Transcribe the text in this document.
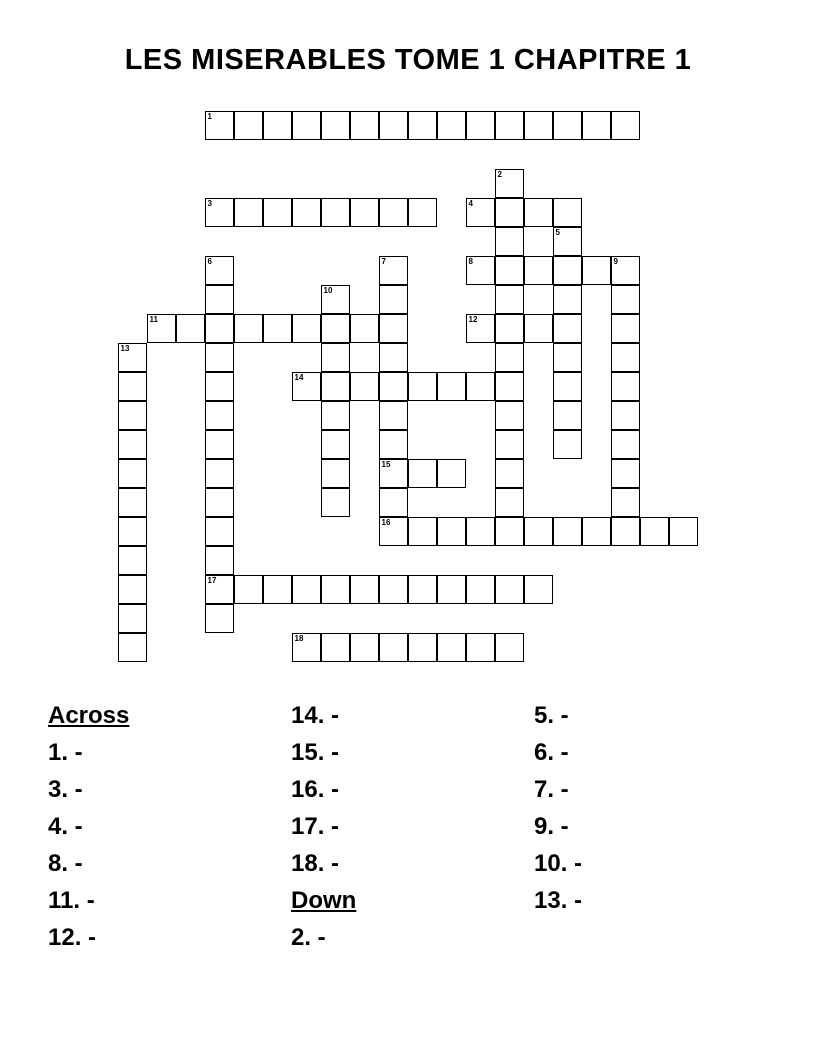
LES MISERABLES TOME 1 CHAPITRE 1
1
2
3	4
5
6
17
7
15
8	9
10
11	12
13
14
16
18
Across
1. -
3. -
4. -
8. -
11. -
12. -
14. -
15. -
16. -
17. -
18. -
Down
2. -
5. -
6. -
7. -
9. -
10. -
13. -
